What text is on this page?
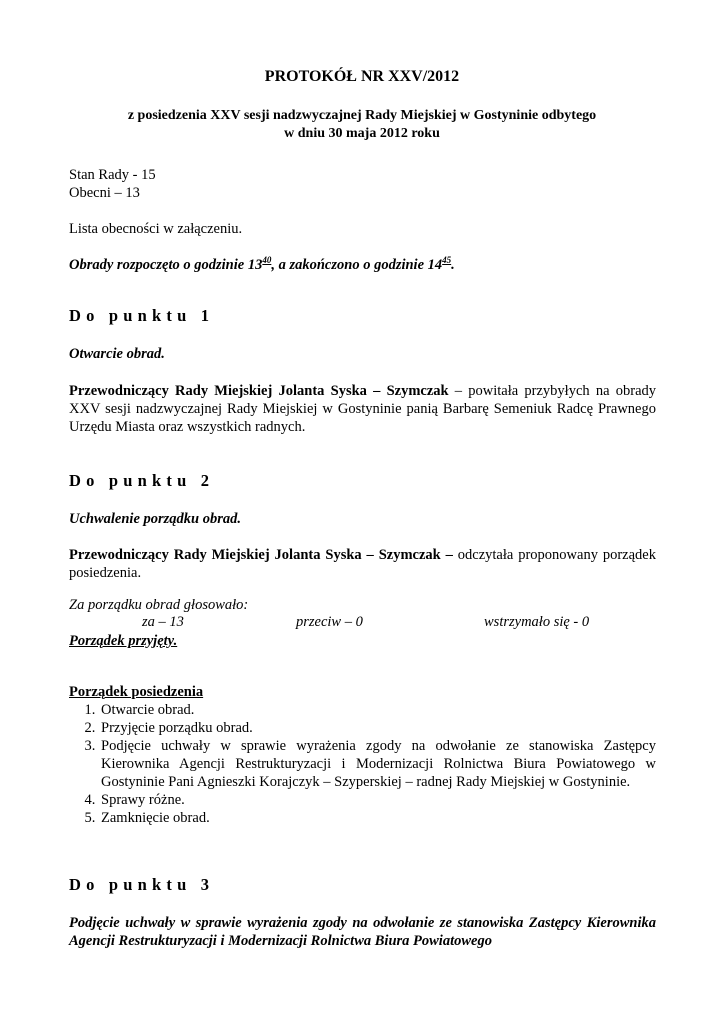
PROTOKÓŁ NR XXV/2012
z posiedzenia XXV sesji nadzwyczajnej Rady Miejskiej w Gostyninie odbytego
w dniu 30 maja 2012 roku
Stan Rady - 15
Obecni – 13
Lista obecności w załączeniu.
Obrady rozpoczęto o godzinie $13^{40}$, a zakończono o godzinie $14^{45}$.
Do punktu 1
Otwarcie obrad.
Przewodniczący Rady Miejskiej Jolanta Syska – Szymczak – powitała przybyłych na obrady XXV sesji nadzwyczajnej Rady Miejskiej w Gostyninie panią Barbarę Semeniuk Radcę Prawnego Urzędu Miasta oraz wszystkich radnych.
Do punktu 2
Uchwalenie porządku obrad.
Przewodniczący Rady Miejskiej Jolanta Syska – Szymczak – odczytała proponowany porządek posiedzenia.
Za porządku obrad głosowało:
za – 13	przeciw – 0	wstrzymało się - 0
Porządek przyjęty.
Porządek posiedzenia
1. Otwarcie obrad.
2. Przyjęcie porządku obrad.
3. Podjęcie uchwały w sprawie wyrażenia zgody na odwołanie ze stanowiska Zastępcy Kierownika Agencji Restrukturyzacji i Modernizacji Rolnictwa Biura Powiatowego w Gostyninie Pani Agnieszki Korajczyk – Szyperskiej – radnej Rady Miejskiej w Gostyninie.
4. Sprawy różne.
5. Zamknięcie obrad.
Do punktu 3
Podjęcie uchwały w sprawie wyrażenia zgody na odwołanie ze stanowiska Zastępcy Kierownika Agencji Restrukturyzacji i Modernizacji Rolnictwa Biura Powiatowego
